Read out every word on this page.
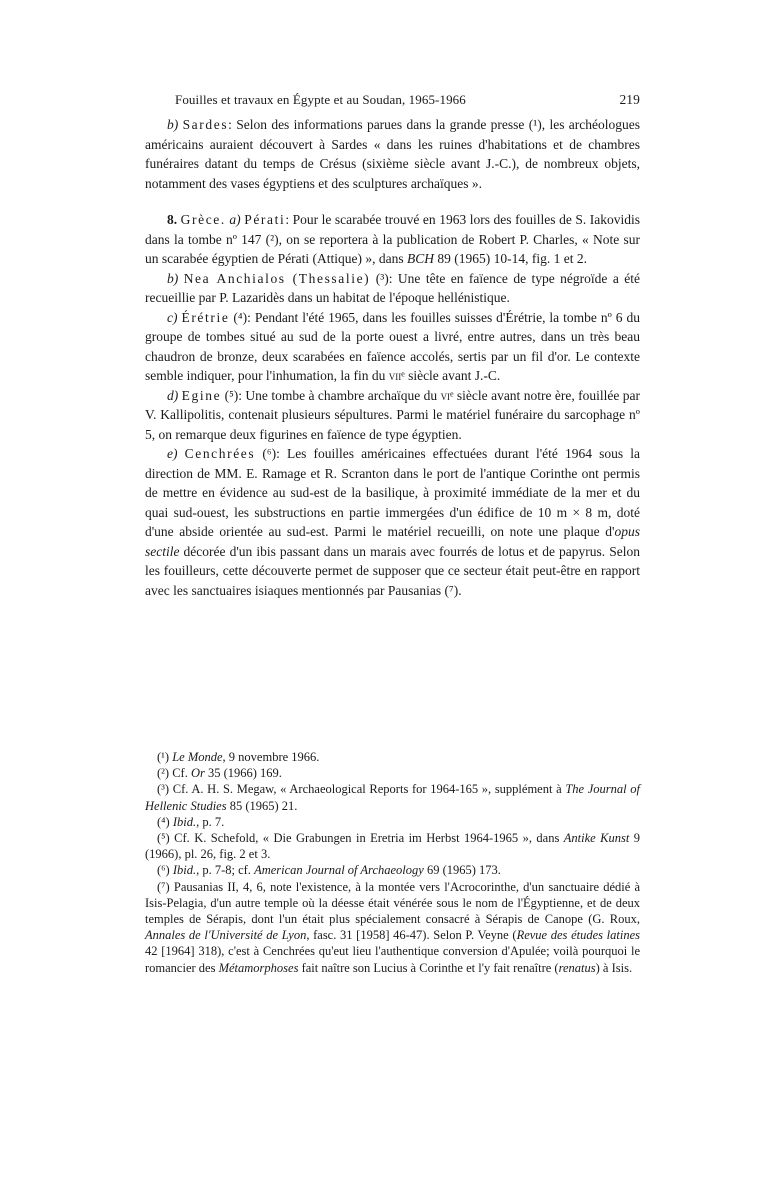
Fouilles et travaux en Égypte et au Soudan, 1965-1966	219

b) Sardes: Selon des informations parues dans la grande presse (¹), les archéologues américains auraient découvert à Sardes « dans les ruines d'habitations et de chambres funéraires datant du temps de Crésus (sixième siècle avant J.-C.), de nombreux objets, notamment des vases égyptiens et des sculptures archaïques ».

8. Grèce. a) Pérati: Pour le scarabée trouvé en 1963 lors des fouilles de S. Iakovidis dans la tombe nº 147 (²), on se reportera à la publication de Robert P. Charles, « Note sur un scarabée égyptien de Pérati (Attique) », dans BCH 89 (1965) 10-14, fig. 1 et 2.

b) Nea Anchialos (Thessalie) (³): Une tête en faïence de type négroïde a été recueillie par P. Lazaridès dans un habitat de l'époque hellénistique.

c) Érétrie (⁴): Pendant l'été 1965, dans les fouilles suisses d'Érétrie, la tombe nº 6 du groupe de tombes situé au sud de la porte ouest a livré, entre autres, dans un très beau chaudron de bronze, deux scarabées en faïence accolés, sertis par un fil d'or. Le contexte semble indiquer, pour l'inhumation, la fin du viiᵉ siècle avant J.-C.

d) Egine (⁵): Une tombe à chambre archaïque du viᵉ siècle avant notre ère, fouillée par V. Kallipolitis, contenait plusieurs sépultures. Parmi le matériel funéraire du sarcophage nº 5, on remarque deux figurines en faïence de type égyptien.

e) Cenchrées (⁶): Les fouilles américaines effectuées durant l'été 1964 sous la direction de MM. E. Ramage et R. Scranton dans le port de l'antique Corinthe ont permis de mettre en évidence au sud-est de la basilique, à proximité immédiate de la mer et du quai sud-ouest, les substructions en partie immergées d'un édifice de 10 m × 8 m, doté d'une abside orientée au sud-est. Parmi le matériel recueilli, on note une plaque d'opus sectile décorée d'un ibis passant dans un marais avec fourrés de lotus et de papyrus. Selon les fouilleurs, cette découverte permet de supposer que ce secteur était peut-être en rapport avec les sanctuaires isiaques mentionnés par Pausanias (⁷).

(¹) Le Monde, 9 novembre 1966.

(²) Cf. Or 35 (1966) 169.

(³) Cf. A. H. S. Megaw, « Archaeological Reports for 1964-165 », supplément à The Journal of Hellenic Studies 85 (1965) 21.

(⁴) Ibid., p. 7.

(⁵) Cf. K. Schefold, « Die Grabungen in Eretria im Herbst 1964-1965 », dans Antike Kunst 9 (1966), pl. 26, fig. 2 et 3.

(⁶) Ibid., p. 7-8; cf. American Journal of Archaeology 69 (1965) 173.

(⁷) Pausanias II, 4, 6, note l'existence, à la montée vers l'Acrocorinthe, d'un sanctuaire dédié à Isis-Pelagia, d'un autre temple où la déesse était vénérée sous le nom de l'Égyptienne, et de deux temples de Sérapis, dont l'un était plus spécialement consacré à Sérapis de Canope (G. Roux, Annales de l'Université de Lyon, fasc. 31 [1958] 46-47). Selon P. Veyne (Revue des études latines 42 [1964] 318), c'est à Cenchrées qu'eut lieu l'authentique conversion d'Apulée; voilà pourquoi le romancier des Métamorphoses fait naître son Lucius à Corinthe et l'y fait renaître (renatus) à Isis.
